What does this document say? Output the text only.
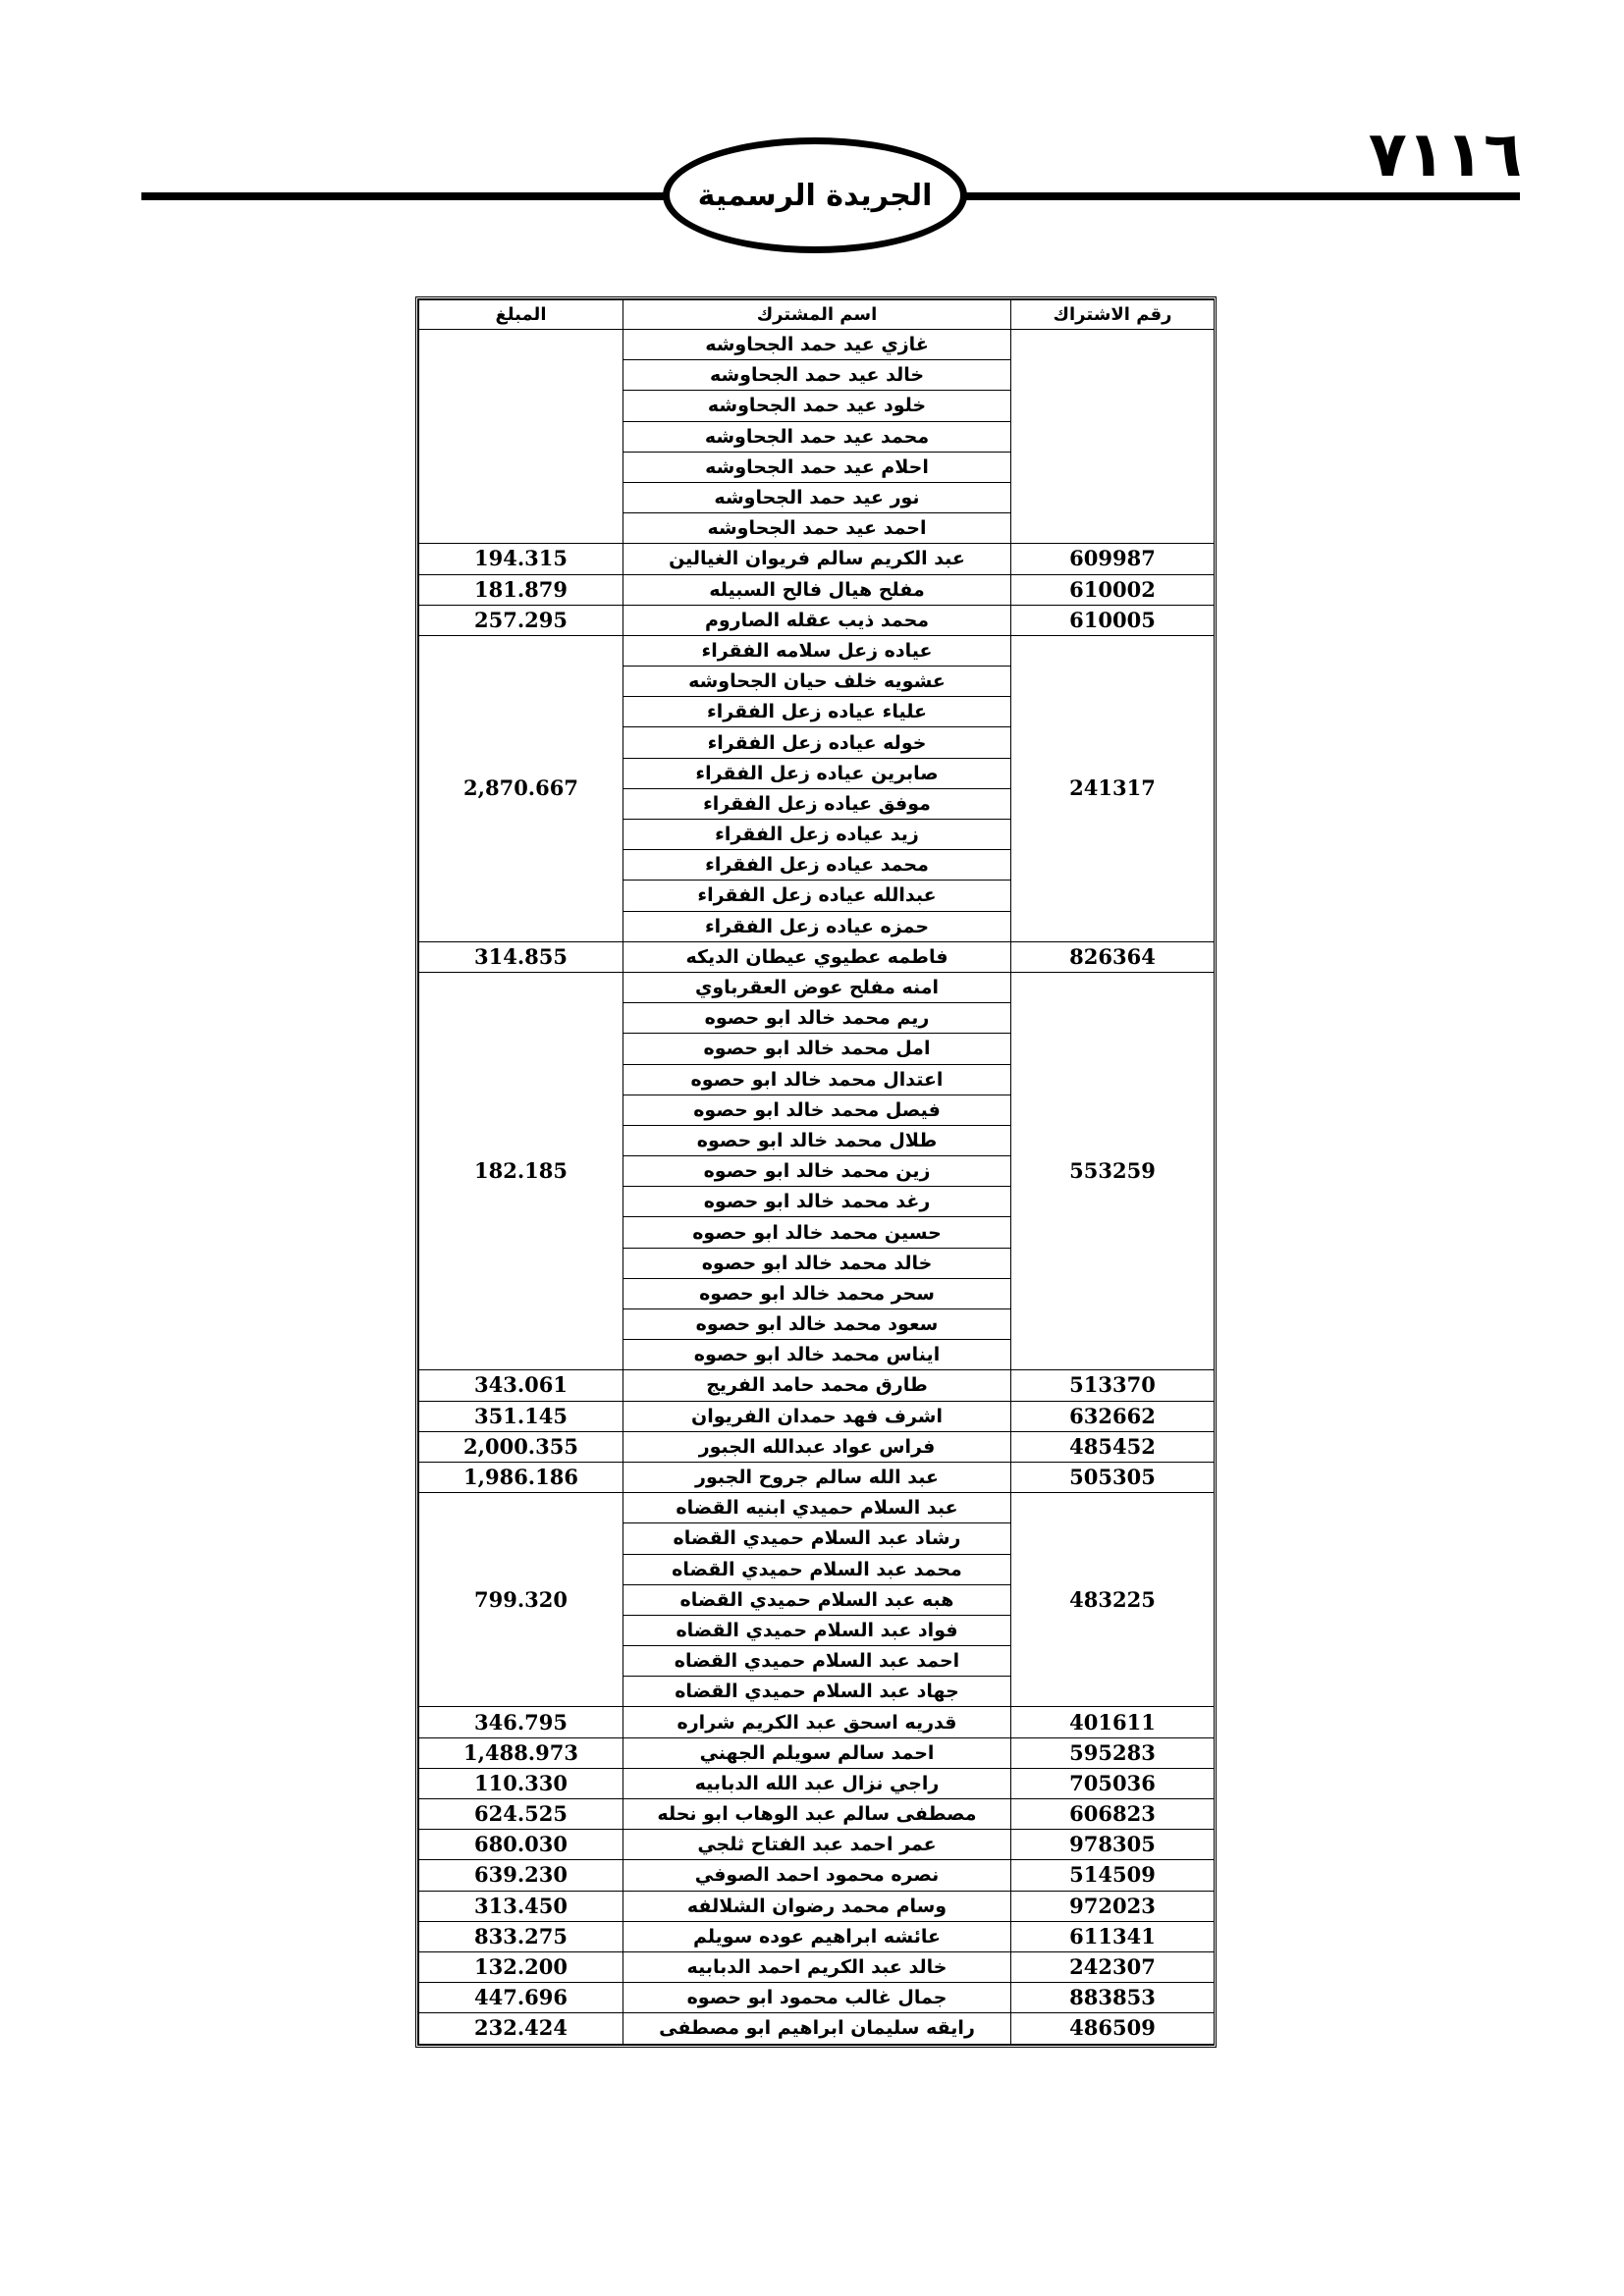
٧١١٦
الجريدة الرسمية
رقم الاشتراك	اسم المشترك	المبلغ
	غازي عيد حمد الجحاوشه	
	خالد عيد حمد الجحاوشه	
	خلود عيد حمد الجحاوشه	
	محمد عيد حمد الجحاوشه	
	احلام عيد حمد الجحاوشه	
	نور عيد حمد الجحاوشه	
	احمد عيد حمد الجحاوشه	
609987	عبد الكريم سالم فريوان الغيالين	194.315
610002	مفلح هيال فالح السبيله	181.879
610005	محمد ذيب عقله الصاروم	257.295
241317	عياده زعل سلامه الفقراء	2,870.667
	عشويه خلف حيان الجحاوشه	
	علياء عياده زعل الفقراء	
	خوله عياده زعل الفقراء	
	صابرين عياده زعل الفقراء	
	موفق عياده زعل الفقراء	
	زيد عياده زعل الفقراء	
	محمد عياده زعل الفقراء	
	عبدالله عياده زعل الفقراء	
	حمزه عياده زعل الفقراء	
826364	فاطمه عطيوي عيطان الديكه	314.855
553259	امنه مفلح عوض العقرباوي	182.185
	ريم محمد خالد ابو حصوه	
	امل محمد خالد ابو حصوه	
	اعتدال محمد خالد ابو حصوه	
	فيصل محمد خالد ابو حصوه	
	طلال محمد خالد ابو حصوه	
	زين محمد خالد ابو حصوه	
	رغد محمد خالد ابو حصوه	
	حسين محمد خالد ابو حصوه	
	خالد محمد خالد ابو حصوه	
	سحر محمد خالد ابو حصوه	
	سعود محمد خالد ابو حصوه	
	ايناس محمد خالد ابو حصوه	
513370	طارق محمد حامد الفريج	343.061
632662	اشرف فهد حمدان الفريوان	351.145
485452	فراس عواد عبدالله الجبور	2,000.355
505305	عبد الله سالم جروح الجبور	1,986.186
483225	عبد السلام حميدي ابنيه القضاه	799.320
	رشاد عبد السلام حميدي القضاه	
	محمد عبد السلام حميدي القضاه	
	هبه عبد السلام حميدي القضاه	
	فواد عبد السلام حميدي القضاه	
	احمد عبد السلام حميدي القضاه	
	جهاد عبد السلام حميدي القضاه	
401611	قدريه اسحق عبد الكريم شراره	346.795
595283	احمد سالم سويلم الجهني	1,488.973
705036	راجي نزال عبد الله الدبابيه	110.330
606823	مصطفى سالم عبد الوهاب ابو نحله	624.525
978305	عمر احمد عبد الفتاح ثلجي	680.030
514509	نصره محمود احمد الصوفي	639.230
972023	وسام محمد رضوان الشلالفه	313.450
611341	عائشه ابراهيم عوده سويلم	833.275
242307	خالد عبد الكريم احمد الدبابيه	132.200
883853	جمال غالب محمود ابو حصوه	447.696
486509	رايقه سليمان ابراهيم ابو مصطفى	232.424
